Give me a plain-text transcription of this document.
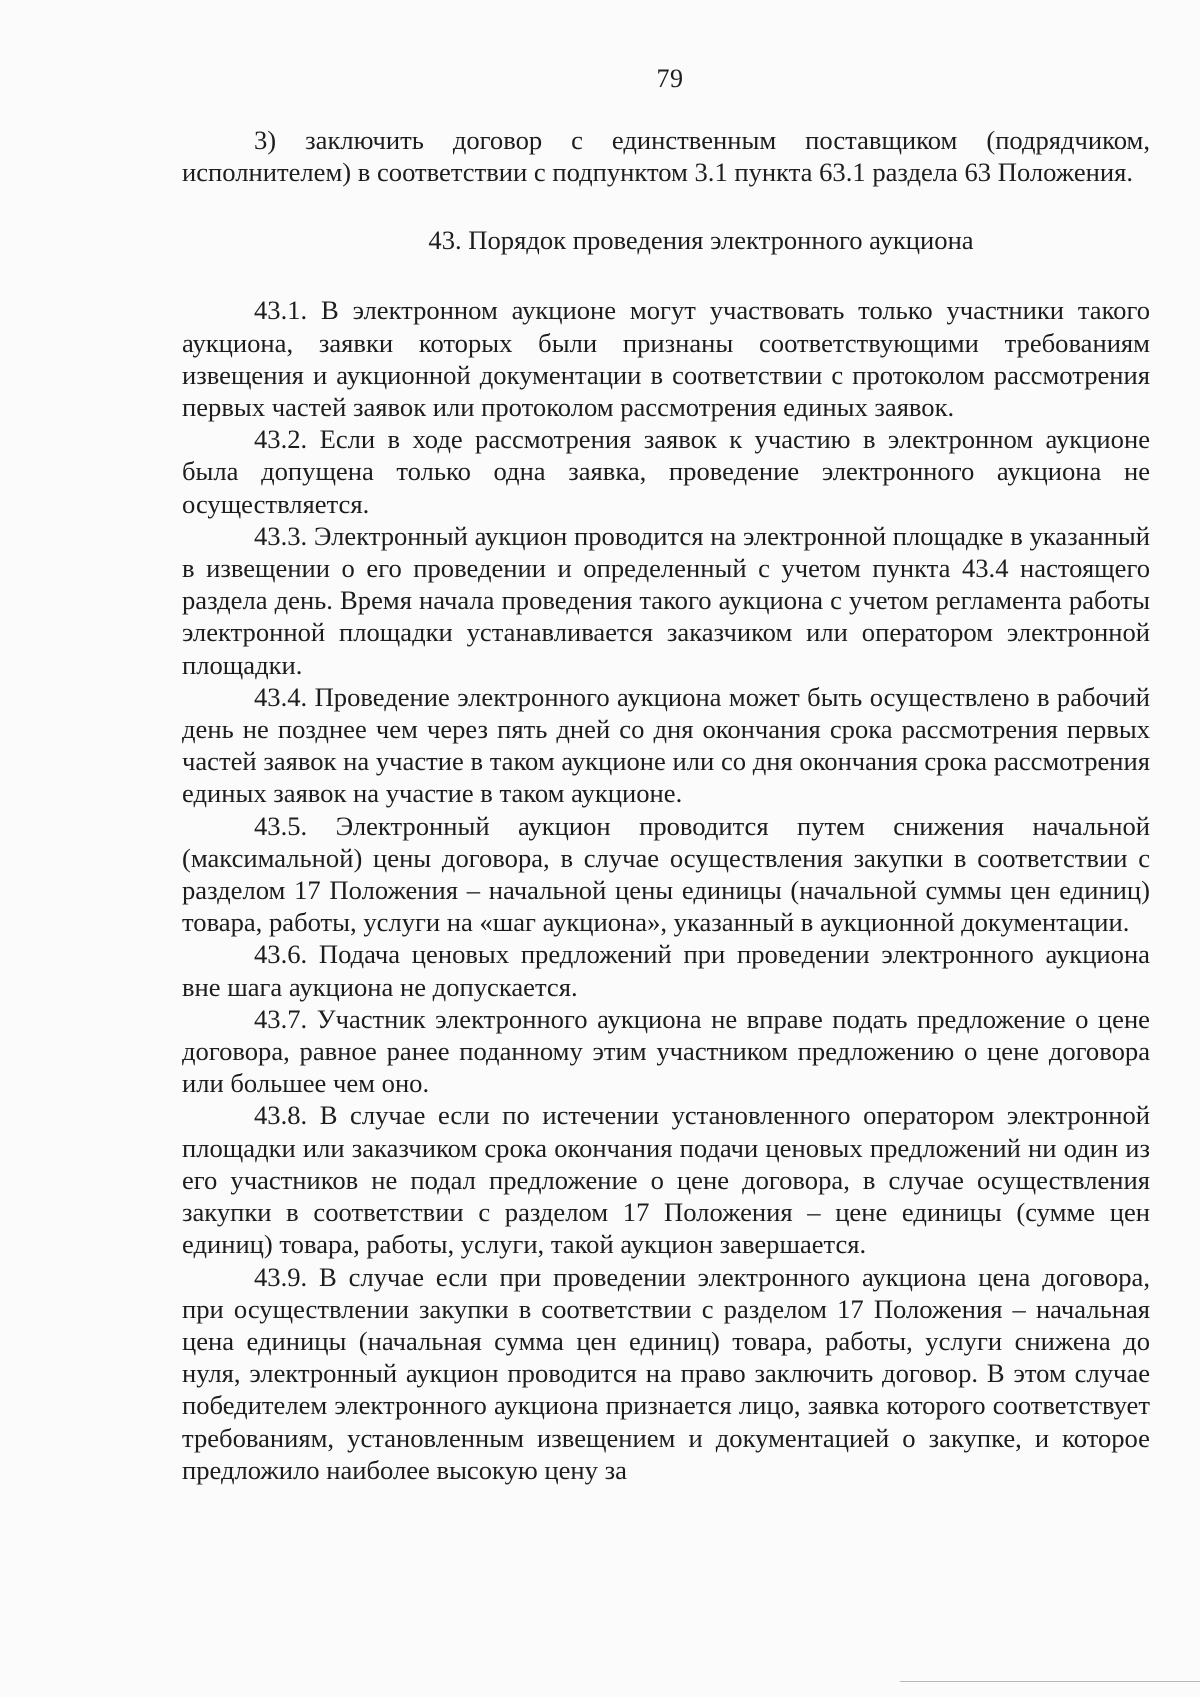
79

3) заключить договор с единственным поставщиком (подрядчиком, исполнителем) в соответствии с подпунктом 3.1 пункта 63.1 раздела 63 Положения.

43. Порядок проведения электронного аукциона

43.1. В электронном аукционе могут участвовать только участники такого аукциона, заявки которых были признаны соответствующими требованиям извещения и аукционной документации в соответствии с протоколом рассмотрения первых частей заявок или протоколом рассмотрения единых заявок.

43.2. Если в ходе рассмотрения заявок к участию в электронном аукционе была допущена только одна заявка, проведение электронного аукциона не осуществляется.

43.3. Электронный аукцион проводится на электронной площадке в указанный в извещении о его проведении и определенный с учетом пункта 43.4 настоящего раздела день. Время начала проведения такого аукциона с учетом регламента работы электронной площадки устанавливается заказчиком или оператором электронной площадки.

43.4. Проведение электронного аукциона может быть осуществлено в рабочий день не позднее чем через пять дней со дня окончания срока рассмотрения первых частей заявок на участие в таком аукционе или со дня окончания срока рассмотрения единых заявок на участие в таком аукционе.

43.5. Электронный аукцион проводится путем снижения начальной (максимальной) цены договора, в случае осуществления закупки в соответствии с разделом 17 Положения – начальной цены единицы (начальной суммы цен единиц) товара, работы, услуги на «шаг аукциона», указанный в аукционной документации.

43.6. Подача ценовых предложений при проведении электронного аукциона вне шага аукциона не допускается.

43.7. Участник электронного аукциона не вправе подать предложение о цене договора, равное ранее поданному этим участником предложению о цене договора или большее чем оно.

43.8. В случае если по истечении установленного оператором электронной площадки или заказчиком срока окончания подачи ценовых предложений ни один из его участников не подал предложение о цене договора, в случае осуществления закупки в соответствии с разделом 17 Положения – цене единицы (сумме цен единиц) товара, работы, услуги, такой аукцион завершается.

43.9. В случае если при проведении электронного аукциона цена договора, при осуществлении закупки в соответствии с разделом 17 Положения – начальная цена единицы (начальная сумма цен единиц) товара, работы, услуги снижена до нуля, электронный аукцион проводится на право заключить договор. В этом случае победителем электронного аукциона признается лицо, заявка которого соответствует требованиям, установленным извещением и документацией о закупке, и которое предложило наиболее высокую цену за
